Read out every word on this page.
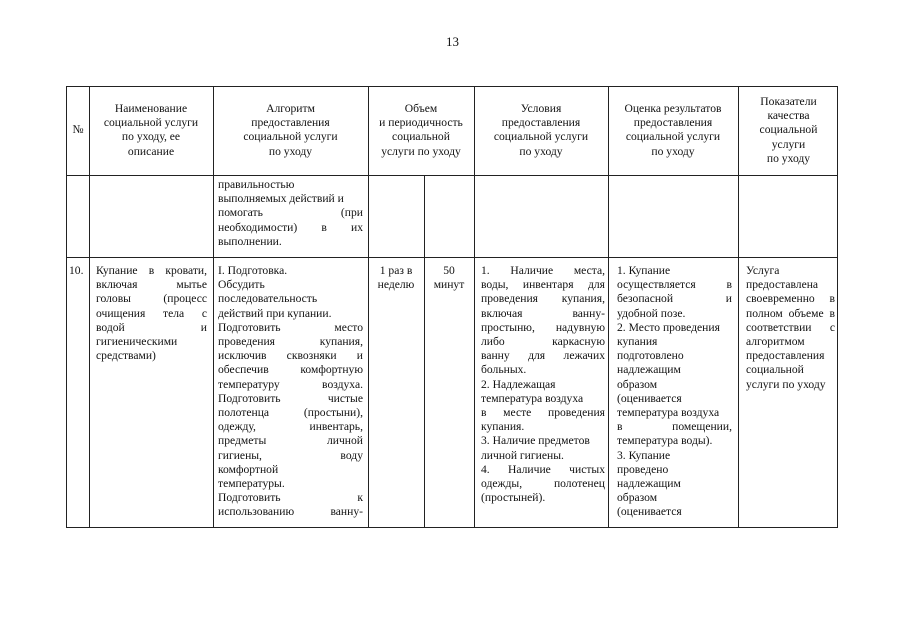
13
№
Наименование
социальной услуги
по уходу, ее
описание
Алгоритм
предоставления
социальной услуги
по уходу
Объем
и периодичность
социальной
услуги по уходу
Условия
предоставления
социальной услуги
по уходу
Оценка результатов
предоставления
социальной услуги
по уходу
Показатели
качества
социальной
услуги
по уходу
правильностью
выполняемых действий и
помогать (при
необходимости) в их
выполнении.
10.	Купание в кровати,
включая мытье
головы (процесс
очищения тела с
водой и
гигиеническими
средствами)
I. Подготовка.
Обсудить
последовательность
действий при купании.
Подготовить место
проведения купания,
исключив сквозняки и
обеспечив комфортную
температуру воздуха.
Подготовить чистые
полотенца (простыни),
одежду, инвентарь,
предметы личной
гигиены, воду
комфортной
температуры.
Подготовить к
использованию ванну-
1 раз в
неделю
50
минут
1. Наличие места,
воды, инвентаря для
проведения купания,
включая ванну-
простыню, надувную
либо каркасную
ванну для лежачих
больных.
2. Надлежащая
температура воздуха
в месте проведения
купания.
3. Наличие предметов
личной гигиены.
4. Наличие чистых
одежды, полотенец
(простыней).
1. Купание
осуществляется в
безопасной и
удобной позе.
2. Место проведения
купания
подготовлено
надлежащим
образом
(оценивается
температура воздуха
в помещении,
температура воды).
3. Купание
проведено
надлежащим
образом
(оценивается
Услуга
предоставлена
своевременно в
полном объеме в
соответствии с
алгоритмом
предоставления
социальной
услуги по уходу
